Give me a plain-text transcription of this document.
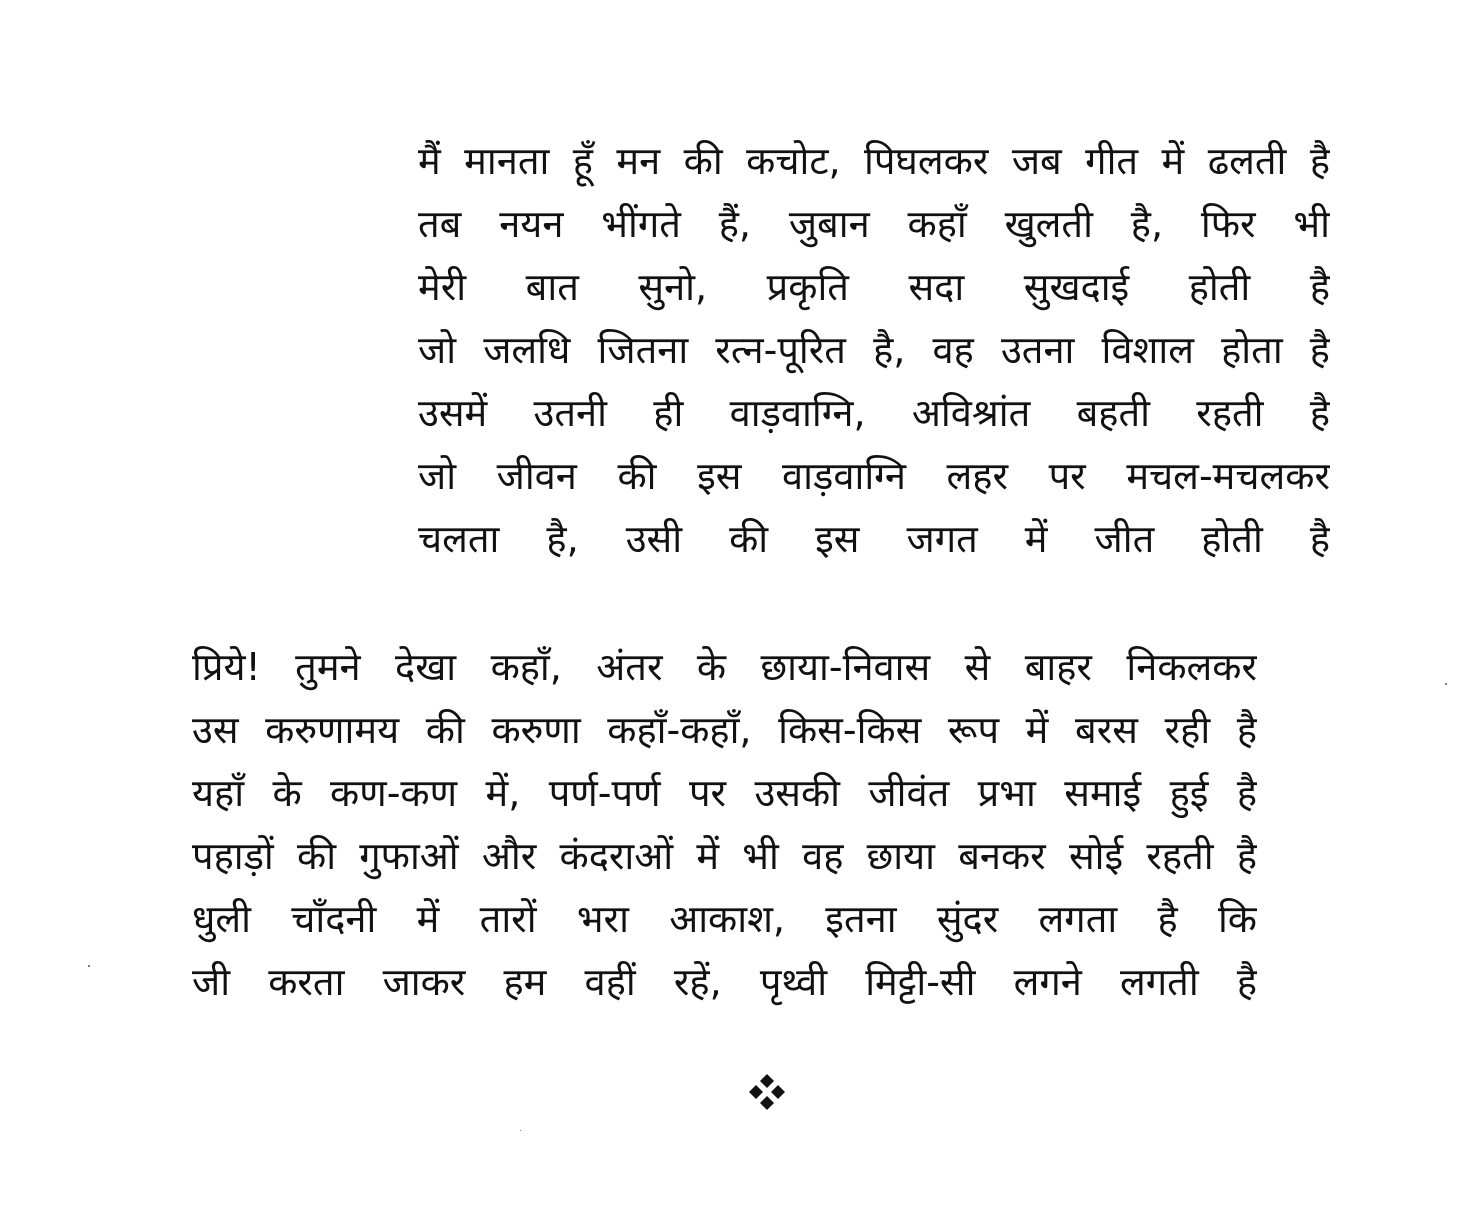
मैं मानता हूँ मन की कचोट, पिघलकर जब गीत में ढलती है
तब नयन भींगते हैं, जुबान कहाँ खुलती है, फिर भी
मेरी बात सुनो, प्रकृति सदा सुखदाई होती है
जो जलधि जितना रत्न-पूरित है, वह उतना विशाल होता है
उसमें उतनी ही वाड़वाग्नि, अविश्रांत बहती रहती है
जो जीवन की इस वाड़वाग्नि लहर पर मचल-मचलकर
चलता है, उसी की इस जगत में जीत होती है
प्रिये! तुमने देखा कहाँ, अंतर के छाया-निवास से बाहर निकलकर
उस करुणामय की करुणा कहाँ-कहाँ, किस-किस रूप में बरस रही है
यहाँ के कण-कण में, पर्ण-पर्ण पर उसकी जीवंत प्रभा समाई हुई है
पहाड़ों की गुफाओं और कंदराओं में भी वह छाया बनकर सोई रहती है
धुली चाँदनी में तारों भरा आकाश, इतना सुंदर लगता है कि
जी करता जाकर हम वहीं रहें, पृथ्वी मिट्टी-सी लगने लगती है
